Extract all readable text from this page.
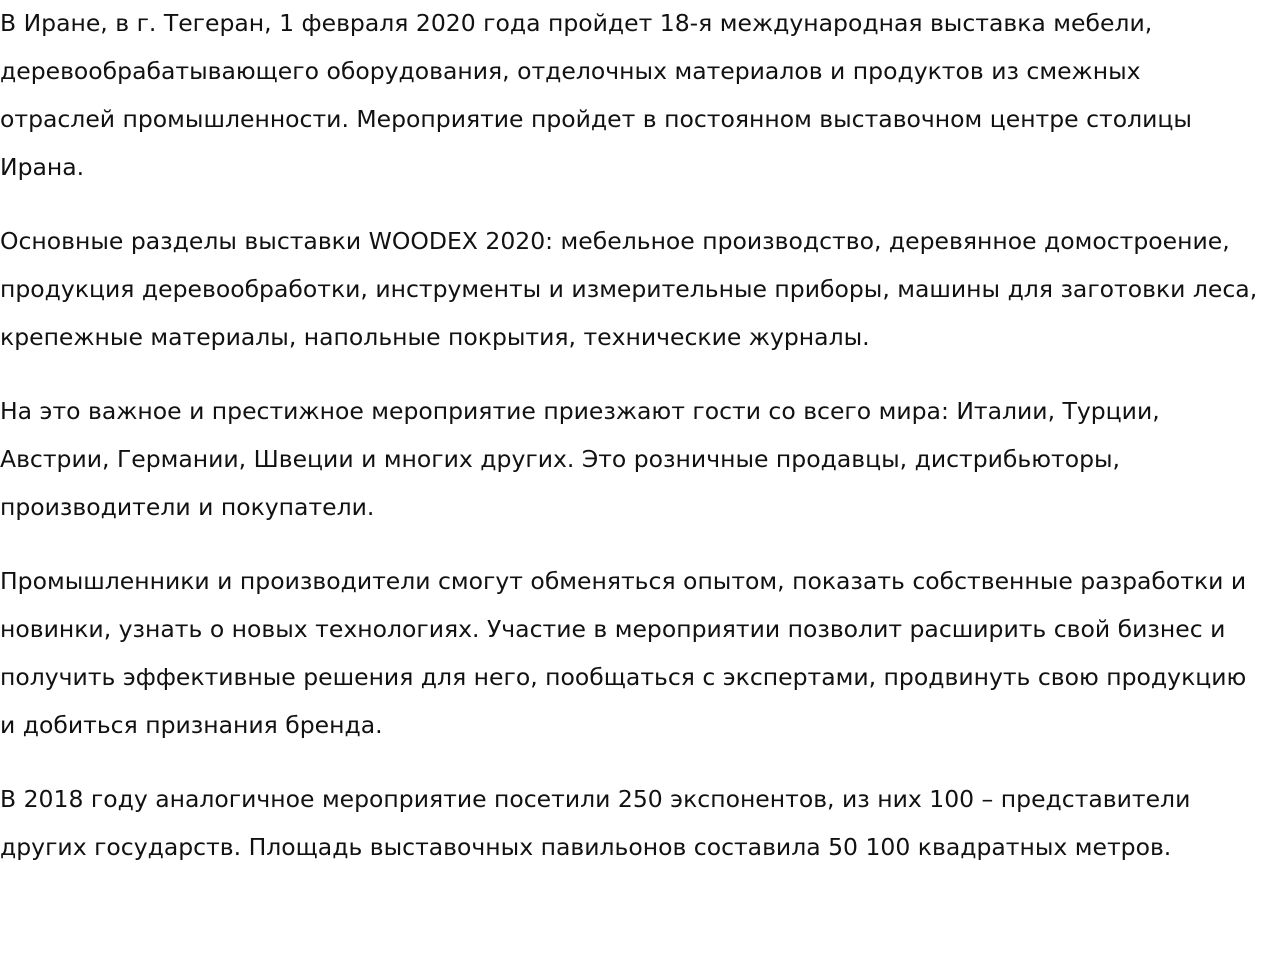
В Иране, в г. Тегеран, 1 февраля 2020 года пройдет 18-я международная выставка мебели, деревообрабатывающего оборудования, отделочных материалов и продуктов из смежных отраслей промышленности. Мероприятие пройдет в постоянном выставочном центре столицы Ирана.

Основные разделы выставки WOODEX 2020: мебельное производство, деревянное домостроение, продукция деревообработки, инструменты и измерительные приборы, машины для заготовки леса, крепежные материалы, напольные покрытия, технические журналы.

На это важное и престижное мероприятие приезжают гости со всего мира: Италии, Турции, Австрии, Германии, Швеции и многих других. Это розничные продавцы, дистрибьюторы, производители и покупатели.

Промышленники и производители смогут обменяться опытом, показать собственные разработки и новинки, узнать о новых технологиях. Участие в мероприятии позволит расширить свой бизнес и получить эффективные решения для него, пообщаться с экспертами, продвинуть свою продукцию и добиться признания бренда.

В 2018 году аналогичное мероприятие посетили 250 экспонентов, из них 100 – представители других государств. Площадь выставочных павильонов составила 50 100 квадратных метров.
